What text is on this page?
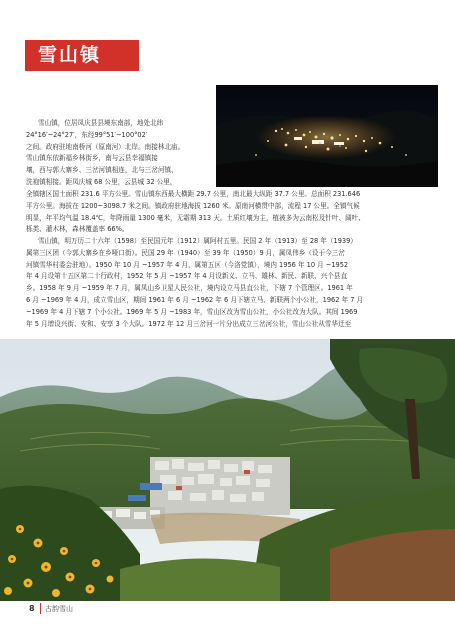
雪山镇
雪山镇，位居凤庆县县境东南部，地处北纬
24°16′~24°27′，东经99°51′~100°02′
之间。政府驻地南桥河（原南河）北岸。南接林北庙。
雪山镇东依新福乡林街乡，南与云县幸福镇接
壤，西与郭大寨乡、三岔河镇相连，北与三岔河镇、
洗袍镇相接。距凤庆城 68 公里，云县城 32 公里，
全镇辖区国土面积 231.6 平方公里。雪山镇东西最大横距 29.7 公里，南北最大纵距 37.7 公里。总面积 231.646
平方公里。海拔在 1200~3098.7 米之间。镇政府驻地海拔 1260 米。原南河横贯中部，流程 17 公里。全镇气候
明显，年平均气温 18.4℃，年降雨量 1300 毫米，无霜期 313 天。土质红壤为主，植被多为云南松及针叶、阔叶、
栎类、灌木林，森林覆盖率 66%。
雪山镇，明万历二十六年（1598）至民国元年（1912）属阿村五里。民国 2 年（1913）至 28 年（1939）
属第三区团（今郭大寨乡在乡哑口街）。民国 29 年（1940）至 39 年（1950）9 月，属凤伟乡（设于今三岔
河镇雪华村委会驻地）。1950 年 10 月 ~1957 年 4 月，属第五区（今洛党镇），境内 1956 年 10 月 ~1952
年 4 月设第十五区第二十行政村，1952 年 5 月 ~1957 年 4 月设新义、立马、雄林、新民、新联、兴个县直
乡。1958 年 9 月 ~1959 年 7 月，属凤山乡卫星人民公社，境内设立马县直公社，下辖 7 个管理区。1961 年
6 月 ~1969 年 4 月，成立雪山区，期间 1961 年 6 月 ~1962 年 6 月下辖立马、新联两个小公社，1962 年 7 月
~1969 年 4 月下辖 7 个小公社。1969 年 5 月 ~1983 年，雪山区改为雪山公社，小公社改为大队。其间 1969
年 5 月增设兴街、安和、安享 3 个大队。1972 年 12 月三岔河一片分出成立三岔河公社，雪山公社从雪华迁至
8 古韵雪山
